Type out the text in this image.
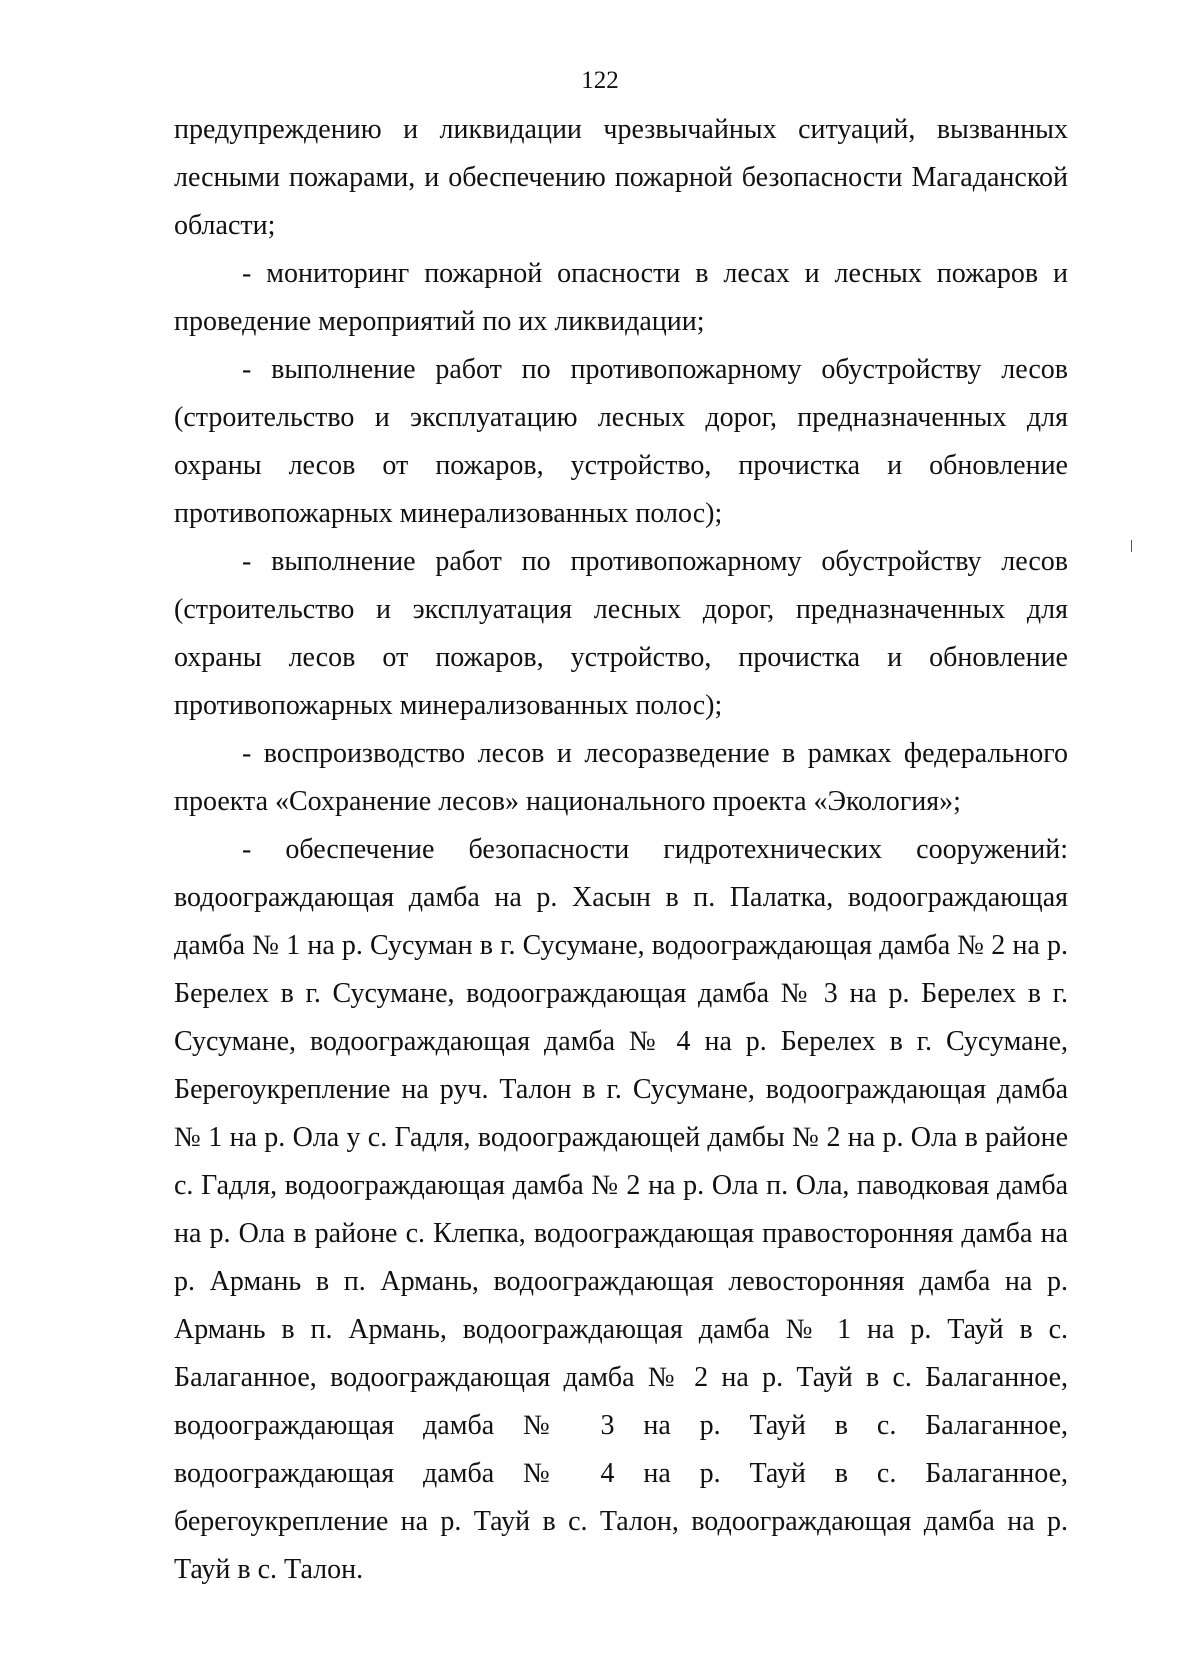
122

предупреждению и ликвидации чрезвычайных ситуаций, вызванных лесными пожарами, и обеспечению пожарной безопасности Магаданской области;

- мониторинг пожарной опасности в лесах и лесных пожаров и проведение мероприятий по их ликвидации;

- выполнение работ по противопожарному обустройству лесов (строительство и эксплуатацию лесных дорог, предназначенных для охраны лесов от пожаров, устройство, прочистка и обновление противопожарных минерализованных полос);

- выполнение работ по противопожарному обустройству лесов (строительство и эксплуатация лесных дорог, предназначенных для охраны лесов от пожаров, устройство, прочистка и обновление противопожарных минерализованных полос);

- воспроизводство лесов и лесоразведение в рамках федерального проекта «Сохранение лесов» национального проекта «Экология»;

- обеспечение безопасности гидротехнических сооружений: водоограждающая дамба на р. Хасын в п. Палатка, водоограждающая дамба № 1 на р. Сусуман в г. Сусумане, водоограждающая дамба № 2 на р. Берелех в г. Сусумане, водоограждающая дамба № 3 на р. Берелех в г. Сусумане, водоограждающая дамба № 4 на р. Берелех в г. Сусумане, Берегоукрепление на руч. Талон в г. Сусумане, водоограждающая дамба № 1 на р. Ола у с. Гадля, водоограждающей дамбы № 2 на р. Ола в районе с. Гадля, водоограждающая дамба № 2 на р. Ола п. Ола, паводковая дамба на р. Ола в районе с. Клепка, водоограждающая правосторонняя дамба на р. Армань в п. Армань, водоограждающая левосторонняя дамба на р. Армань в п. Армань, водоограждающая дамба № 1 на р. Тауй в с. Балаганное, водоограждающая дамба № 2 на р. Тауй в с. Балаганное, водоограждающая дамба № 3 на р. Тауй в с. Балаганное, водоограждающая дамба № 4 на р. Тауй в с. Балаганное, берегоукрепление на р. Тауй в с. Талон, водоограждающая дамба на р. Тауй в с. Талон.
